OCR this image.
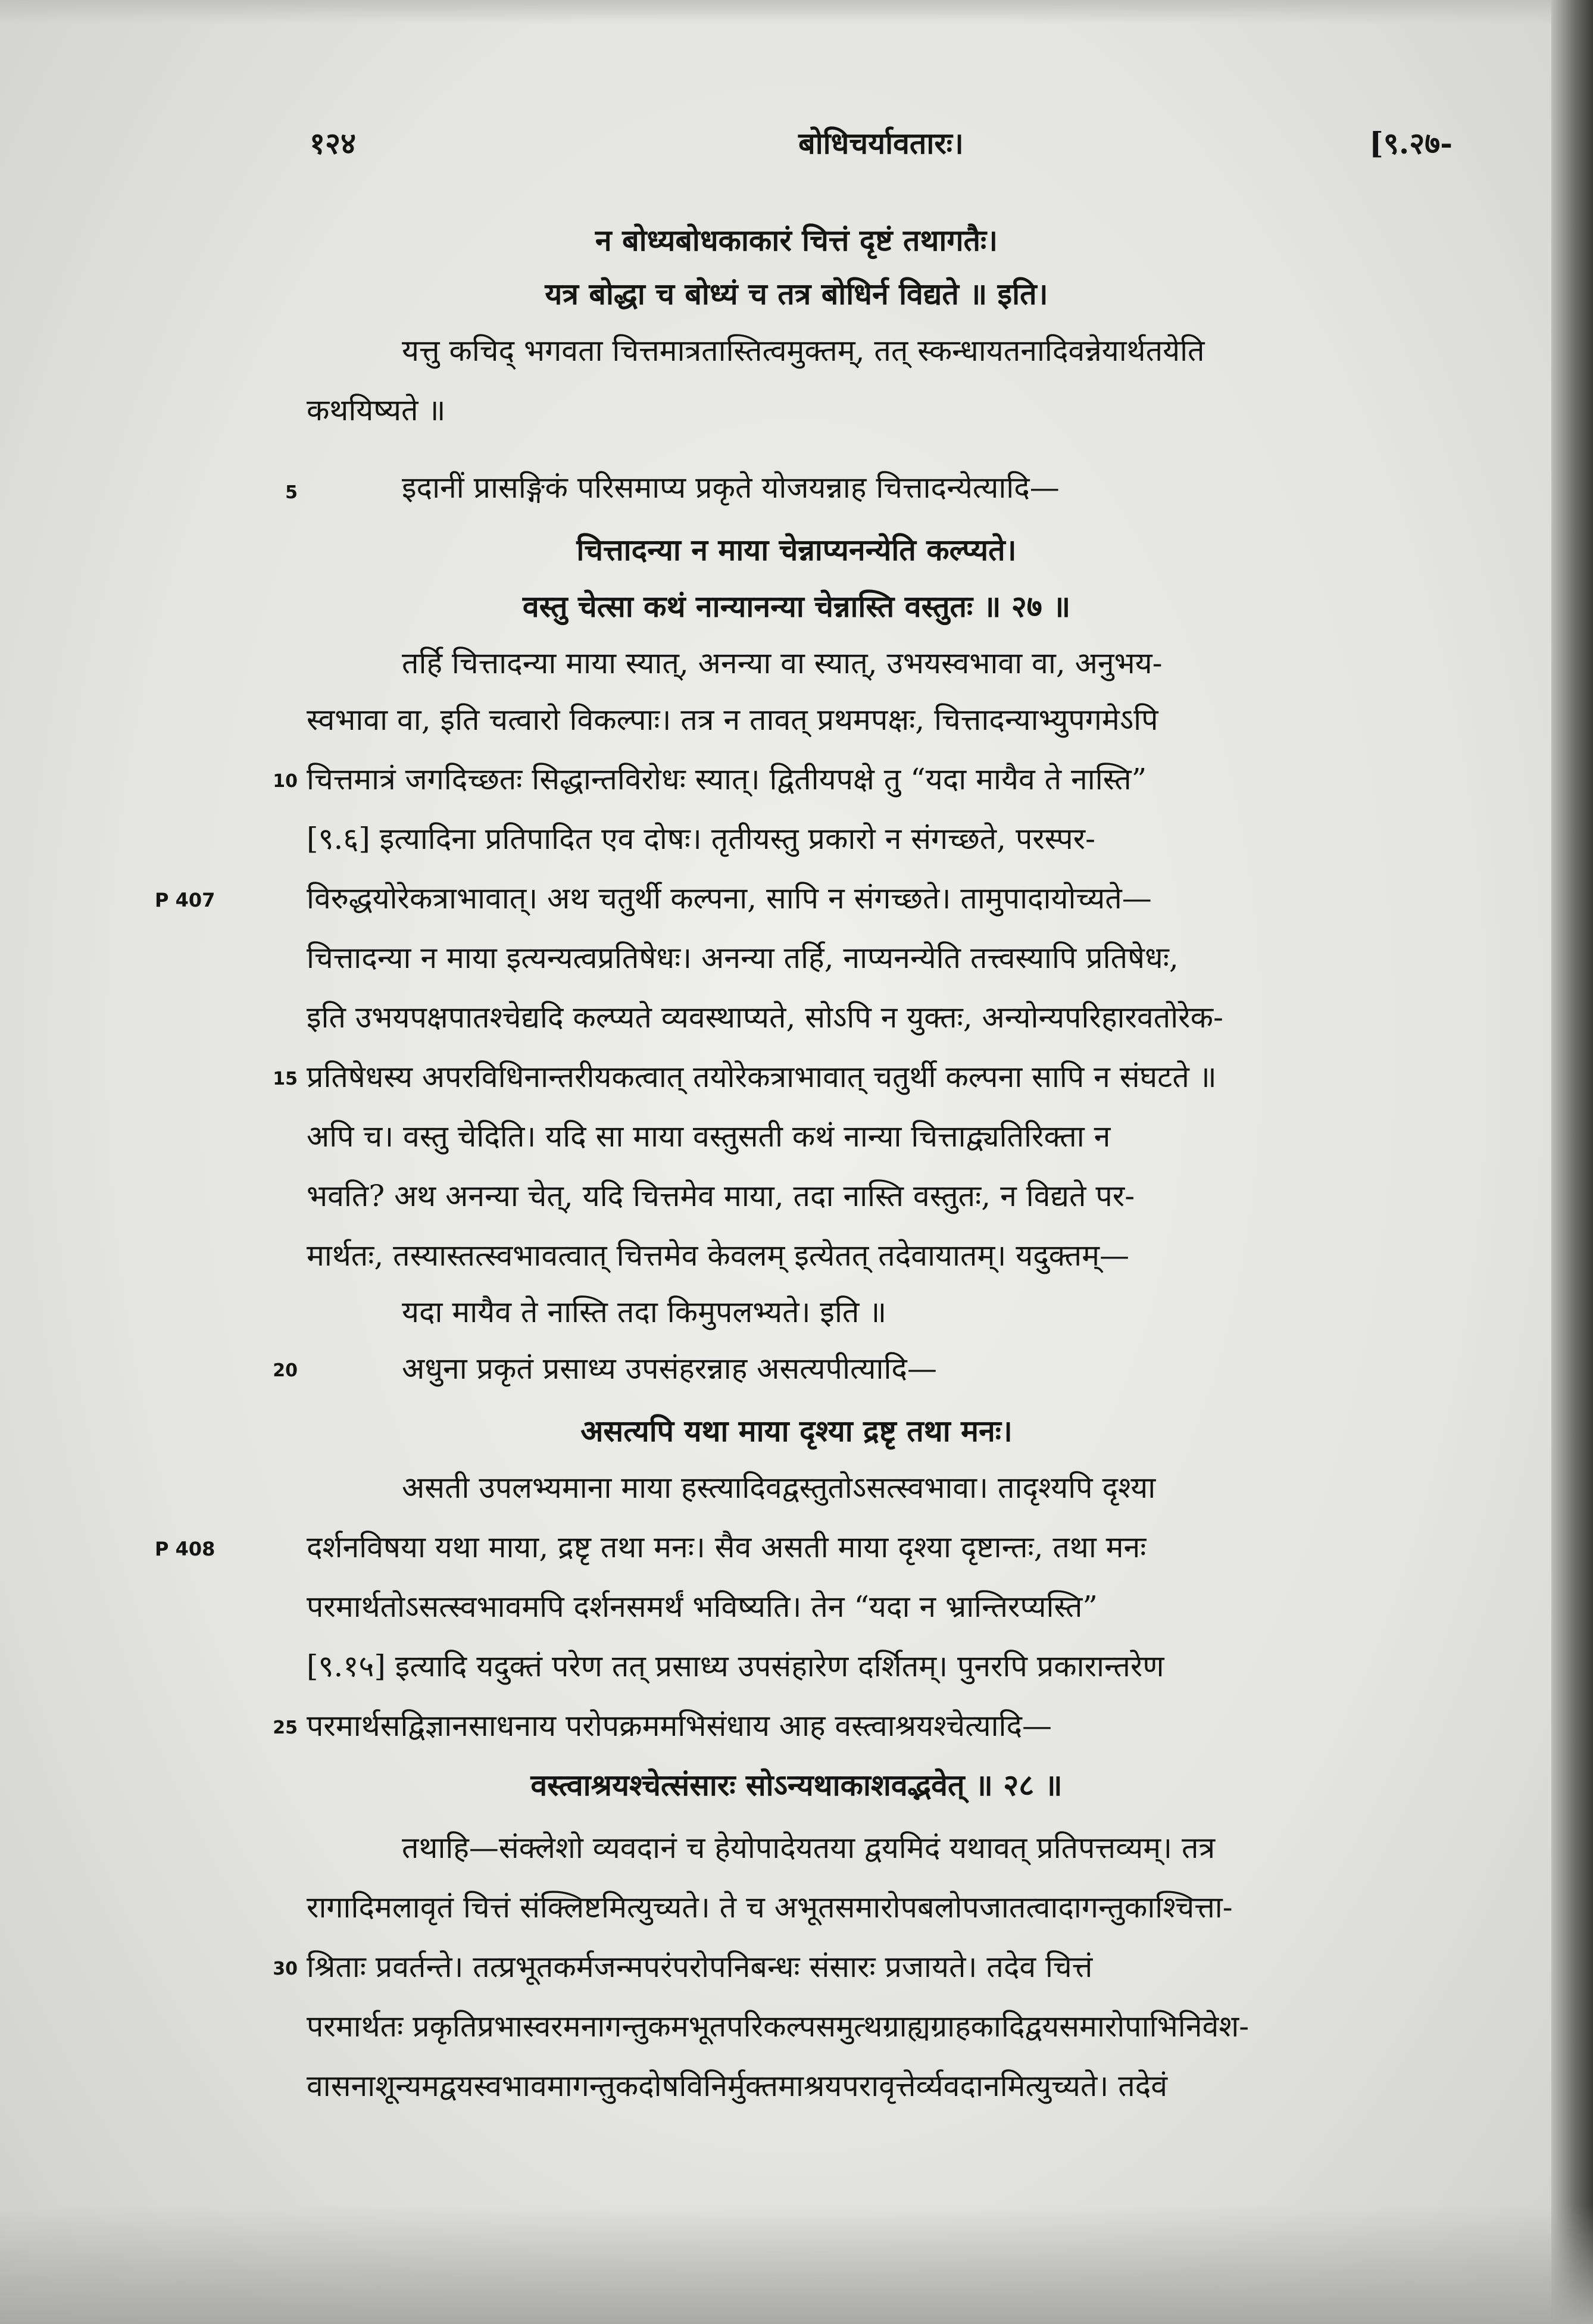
१२४	बोधिचर्यावतारः।	[९.२७-
न बोध्यबोधकाकारं चित्तं दृष्टं तथागतैः।
यत्र बोद्धा च बोध्यं च तत्र बोधिर्न विद्यते ॥ इति।
यत्तु कचिद् भगवता चित्तमात्रतास्तित्वमुक्तम्, तत् स्कन्धायतनादिवन्नेयार्थतयेति
कथयिष्यते ॥
इदानीं प्रासङ्गिकं परिसमाप्य प्रकृते योजयन्नाह चित्तादन्येत्यादि—
चित्तादन्या न माया चेन्नाप्यनन्येति कल्प्यते।
वस्तु चेत्सा कथं नान्यानन्या चेन्नास्ति वस्तुतः ॥ २७ ॥
तर्हि चित्तादन्या माया स्यात्, अनन्या वा स्यात्, उभयस्वभावा वा, अनुभय-
स्वभावा वा, इति चत्वारो विकल्पाः। तत्र न तावत् प्रथमपक्षः, चित्तादन्याभ्युपगमेऽपि
चित्तमात्रं जगदिच्छतः सिद्धान्तविरोधः स्यात्। द्वितीयपक्षे तु “यदा मायैव ते नास्ति”
[९.६] इत्यादिना प्रतिपादित एव दोषः। तृतीयस्तु प्रकारो न संगच्छते, परस्पर-
विरुद्धयोरेकत्राभावात्। अथ चतुर्थी कल्पना, सापि न संगच्छते। तामुपादायोच्यते—
चित्तादन्या न माया इत्यन्यत्वप्रतिषेधः। अनन्या तर्हि, नाप्यनन्येति तत्त्वस्यापि प्रतिषेधः,
इति उभयपक्षपातश्चेद्यदि कल्प्यते व्यवस्थाप्यते, सोऽपि न युक्तः, अन्योन्यपरिहारवतोरेक-
प्रतिषेधस्य अपरविधिनान्तरीयकत्वात् तयोरेकत्राभावात् चतुर्थी कल्पना सापि न संघटते ॥
अपि च। वस्तु चेदिति। यदि सा माया वस्तुसती कथं नान्या चित्ताद्व्यतिरिक्ता न
भवति? अथ अनन्या चेत्, यदि चित्तमेव माया, तदा नास्ति वस्तुतः, न विद्यते पर-
मार्थतः, तस्यास्तत्स्वभावत्वात् चित्तमेव केवलम् इत्येतत् तदेवायातम्। यदुक्तम्—
यदा मायैव ते नास्ति तदा किमुपलभ्यते। इति ॥
अधुना प्रकृतं प्रसाध्य उपसंहरन्नाह असत्यपीत्यादि—
असत्यपि यथा माया दृश्या द्रष्टृ तथा मनः।
असती उपलभ्यमाना माया हस्त्यादिवद्वस्तुतोऽसत्स्वभावा। तादृश्यपि दृश्या
दर्शनविषया यथा माया, द्रष्टृ तथा मनः। सैव असती माया दृश्या दृष्टान्तः, तथा मनः
परमार्थतोऽसत्स्वभावमपि दर्शनसमर्थं भविष्यति। तेन “यदा न भ्रान्तिरप्यस्ति”
[९.१५] इत्यादि यदुक्तं परेण तत् प्रसाध्य उपसंहारेण दर्शितम्। पुनरपि प्रकारान्तरेण
परमार्थसद्विज्ञानसाधनाय परोपक्रममभिसंधाय आह वस्त्वाश्रयश्चेत्यादि—
वस्त्वाश्रयश्चेत्संसारः सोऽन्यथाकाशवद्भवेत् ॥ २८ ॥
तथाहि—संक्लेशो व्यवदानं च हेयोपादेयतया द्वयमिदं यथावत् प्रतिपत्तव्यम्। तत्र
रागादिमलावृतं चित्तं संक्लिष्टमित्युच्यते। ते च अभूतसमारोपबलोपजातत्वादागन्तुकाश्चित्ता-
श्रिताः प्रवर्तन्ते। तत्प्रभूतकर्मजन्मपरंपरोपनिबन्धः संसारः प्रजायते। तदेव चित्तं
परमार्थतः प्रकृतिप्रभास्वरमनागन्तुकमभूतपरिकल्पसमुत्थग्राह्यग्राहकादिद्वयसमारोपाभिनिवेश-
वासनाशून्यमद्वयस्वभावमागन्तुकदोषविनिर्मुक्तमाश्रयपरावृत्तेर्व्यवदानमित्युच्यते। तदेवं
5
10
15
20
25
30
P 407
P 408
